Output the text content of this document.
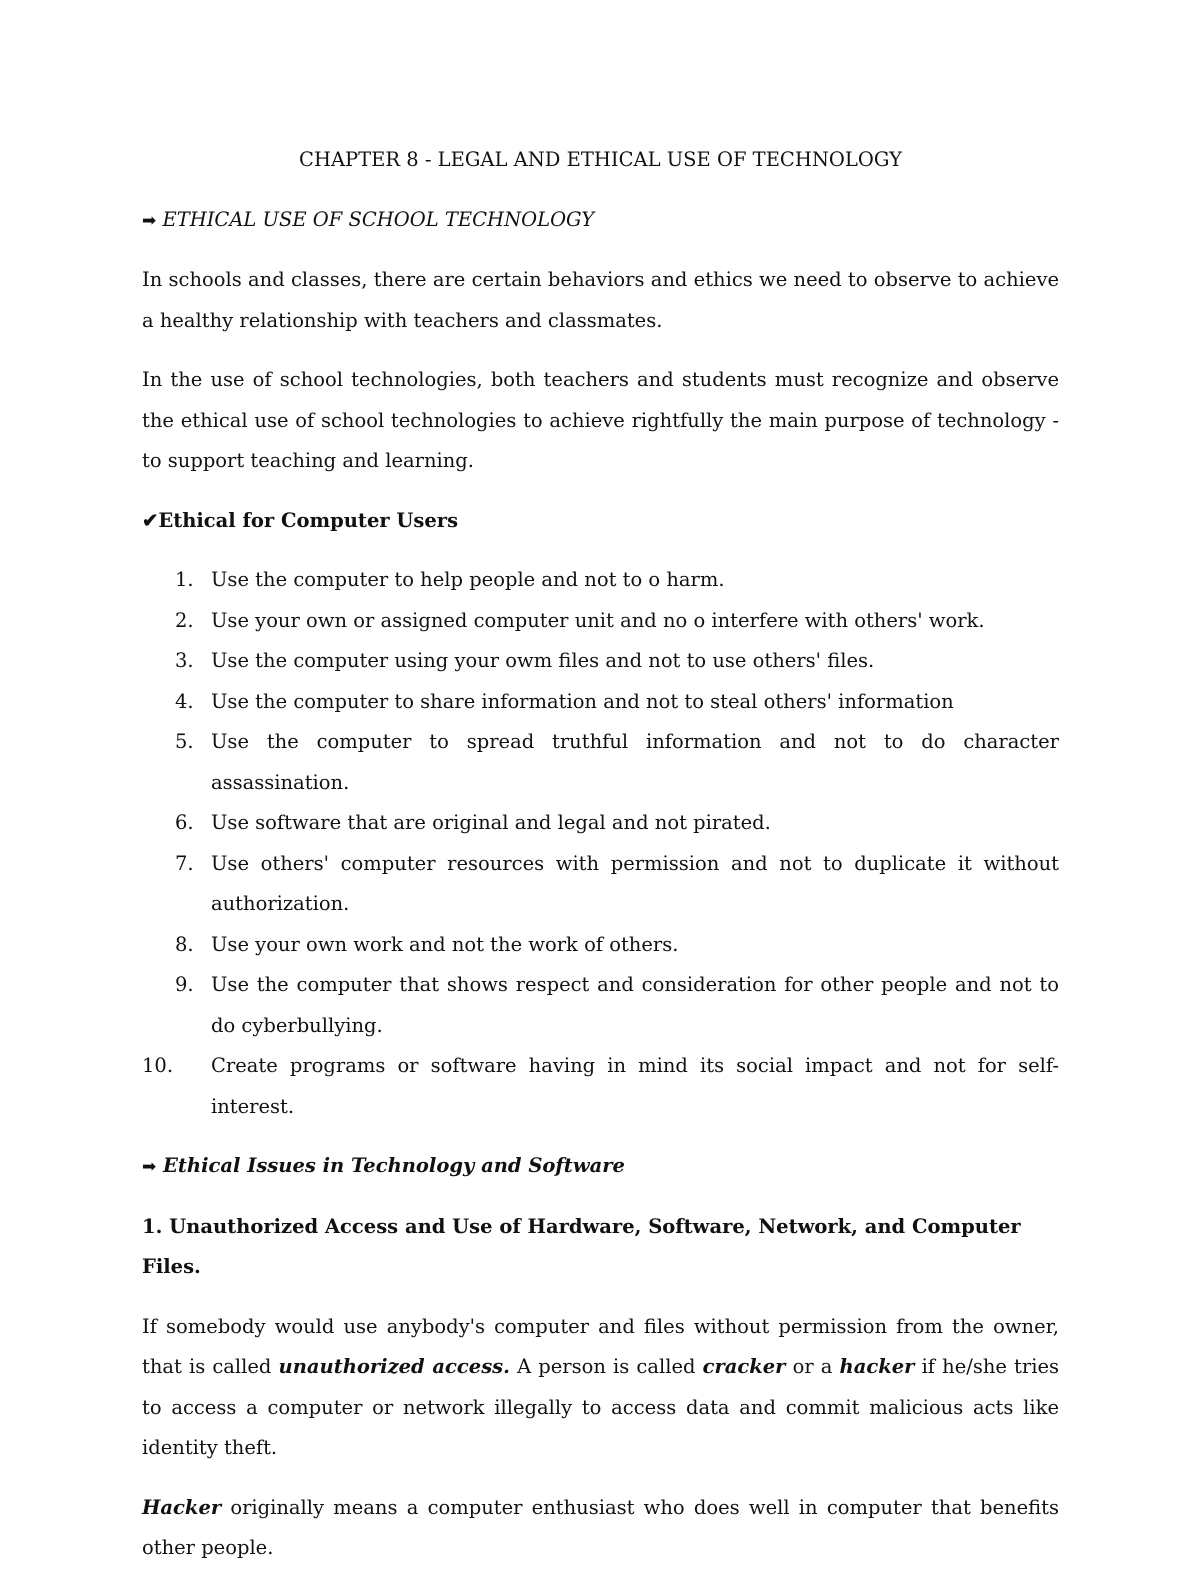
CHAPTER 8 - LEGAL AND ETHICAL USE OF TECHNOLOGY
➡ ETHICAL USE OF SCHOOL TECHNOLOGY

In schools and classes, there are certain behaviors and ethics we need to observe to achieve a healthy relationship with teachers and classmates.

In the use of school technologies, both teachers and students must recognize and observe the ethical use of school technologies to achieve rightfully the main purpose of technology - to support teaching and learning.

✔Ethical for Computer Users
1. Use the computer to help people and not to o harm.
2. Use your own or assigned computer unit and no o interfere with others' work.
3. Use the computer using your owm files and not to use others' files.
4. Use the computer to share information and not to steal others' information
5. Use the computer to spread truthful information and not to do character assassination.
6. Use software that are original and legal and not pirated.
7. Use others' computer resources with permission and not to duplicate it without authorization.
8. Use your own work and not the work of others.
9. Use the computer that shows respect and consideration for other people and not to do cyberbullying.
10. Create programs or software having in mind its social impact and not for self-interest.
➡ Ethical Issues in Technology and Software
1. Unauthorized Access and Use of Hardware, Software, Network, and Computer Files.

If somebody would use anybody's computer and files without permission from the owner, that is called unauthorized access. A person is called cracker or a hacker if he/she tries to access a computer or network illegally to access data and commit malicious acts like identity theft.

Hacker originally means a computer enthusiast who does well in computer that benefits other people.
